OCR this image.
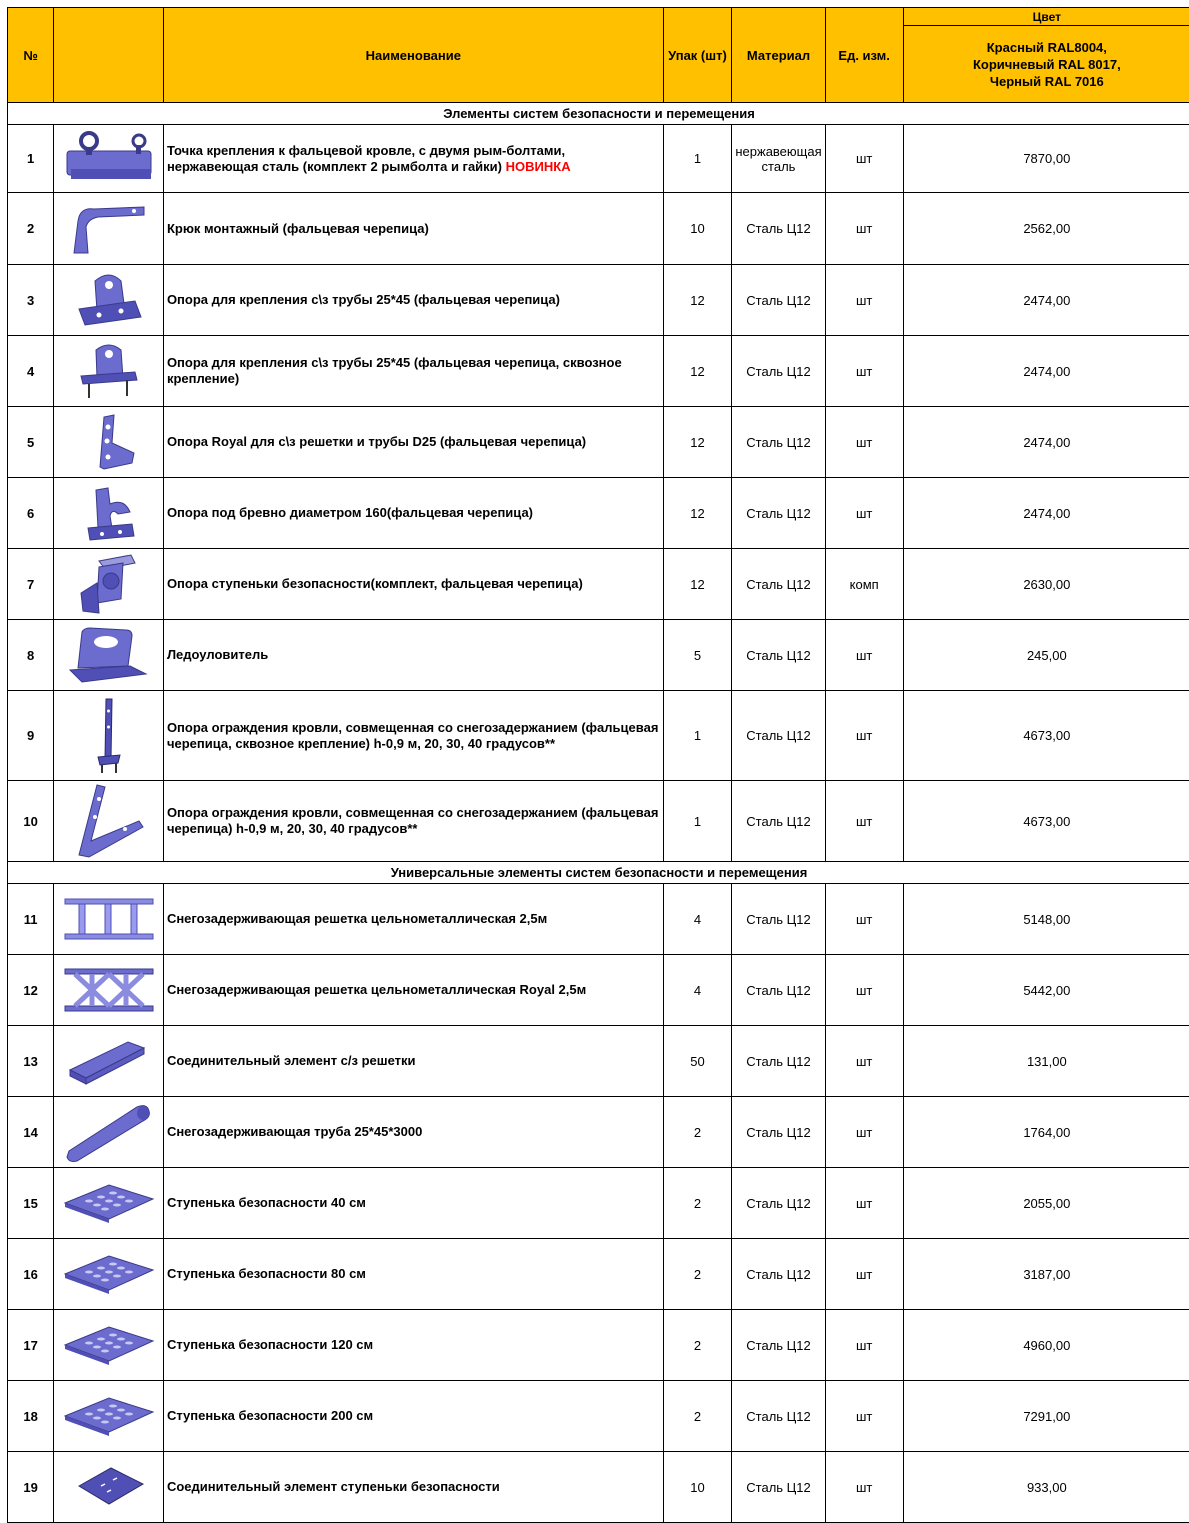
№		Наименование	Упак (шт)	Материал	Ед. изм.	Цвет

						Красный RAL8004,
Коричневый RAL 8017,
Черный RAL 7016

Элементы систем безопасности и перемещения						
1		Точка крепления к фальцевой кровле, с двумя рым-болтами, нержавеющая сталь (комплект 2 рымболта и гайки) НОВИНКА	1	нержавеющая сталь	шт	7870,00
2		Крюк монтажный (фальцевая черепица)	10	Сталь Ц12	шт	2562,00
3		Опора для крепления с\з трубы 25*45 (фальцевая черепица)	12	Сталь Ц12	шт	2474,00
4		Опора для крепления с\з трубы 25*45 (фальцевая черепица, сквозное крепление)	12	Сталь Ц12	шт	2474,00
5		Опора Royal для с\з решетки и трубы D25 (фальцевая черепица)	12	Сталь Ц12	шт	2474,00
6		Опора под бревно диаметром 160(фальцевая черепица)	12	Сталь Ц12	шт	2474,00
7		Опора ступеньки безопасности(комплект, фальцевая черепица)	12	Сталь Ц12	комп	2630,00
8		Ледоуловитель	5	Сталь Ц12	шт	245,00
9		Опора ограждения кровли, совмещенная со снегозадержанием (фальцевая черепица, сквозное крепление) h-0,9 м, 20, 30, 40 градусов**	1	Сталь Ц12	шт	4673,00
10		Опора ограждения кровли, совмещенная со снегозадержанием (фальцевая черепица) h-0,9 м, 20, 30, 40 градусов**	1	Сталь Ц12	шт	4673,00
Универсальные элементы систем безопасности и перемещения						
11		Снегозадерживающая решетка цельнометаллическая 2,5м	4	Сталь Ц12	шт	5148,00
12		Снегозадерживающая решетка цельнометаллическая Royal 2,5м	4	Сталь Ц12	шт	5442,00
13		Соединительный элемент с/з решетки	50	Сталь Ц12	шт	131,00
14		Снегозадерживающая труба 25*45*3000	2	Сталь Ц12	шт	1764,00
15		Ступенька безопасности 40 см	2	Сталь Ц12	шт	2055,00
16		Ступенька безопасности 80 см	2	Сталь Ц12	шт	3187,00
17		Ступенька безопасности 120 см	2	Сталь Ц12	шт	4960,00
18		Ступенька безопасности 200 см	2	Сталь Ц12	шт	7291,00
19		Соединительный элемент ступеньки безопасности	10	Сталь Ц12	шт	933,00
